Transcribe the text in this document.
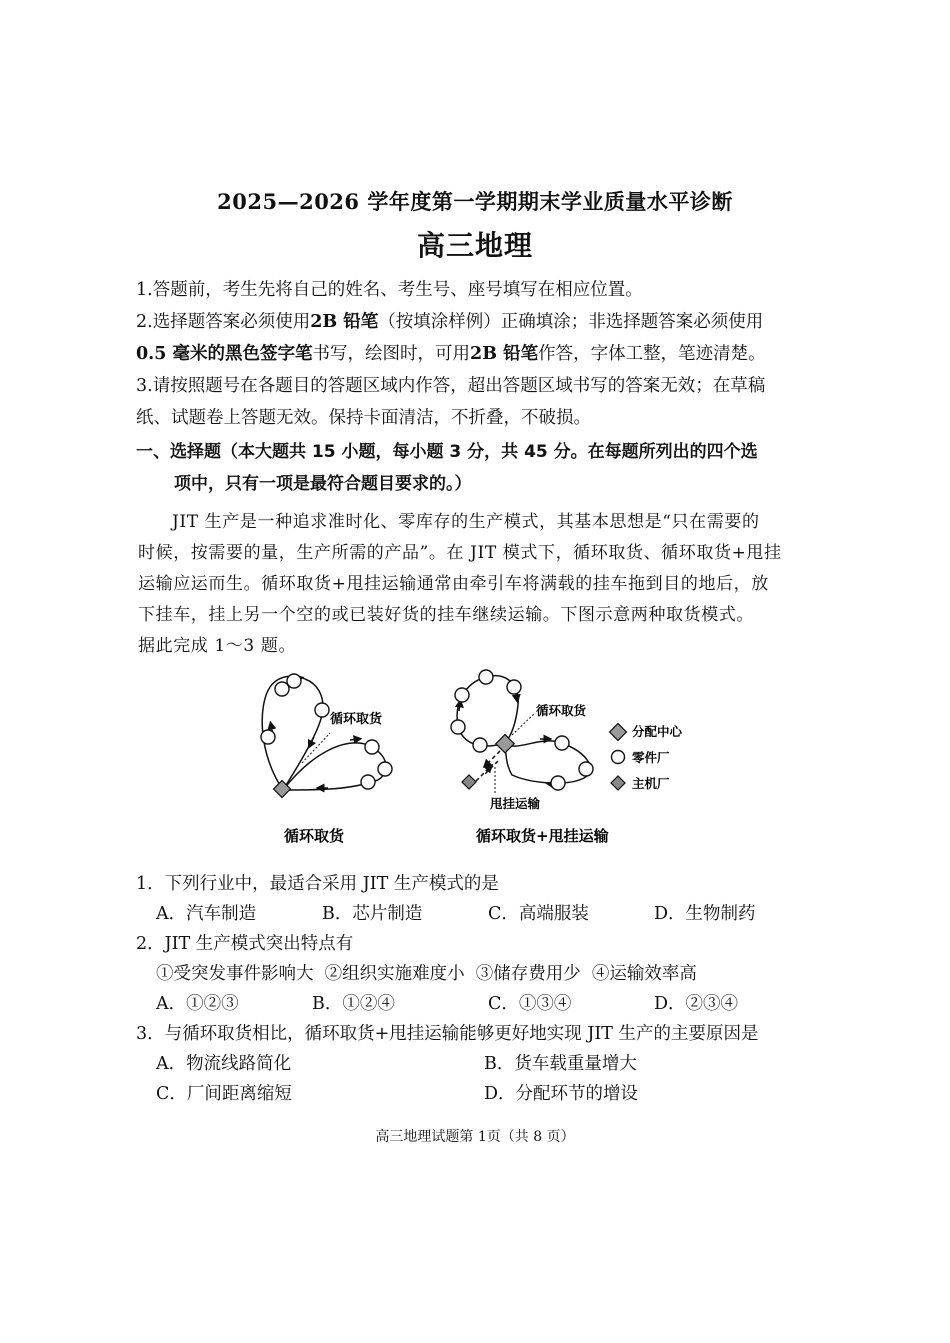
2025—2026 学年度第一学期期末学业质量水平诊断
高三地理
1.答题前，考生先将自己的姓名、考生号、座号填写在相应位置。
2.选择题答案必须使用2B 铅笔（按填涂样例）正确填涂；非选择题答案必须使用
0.5 毫米的黑色签字笔书写，绘图时，可用2B 铅笔作答，字体工整，笔迹清楚。
3.请按照题号在各题目的答题区域内作答，超出答题区域书写的答案无效；在草稿
纸、试题卷上答题无效。保持卡面清洁，不折叠，不破损。
一、选择题（本大题共 15 小题，每小题 3 分，共 45 分。在每题所列出的四个选
项中，只有一项是最符合题目要求的。）
JIT 生产是一种追求准时化、零库存的生产模式，其基本思想是“只在需要的
时候，按需要的量，生产所需的产品”。在 JIT 模式下，循环取货、循环取货+甩挂
运输应运而生。循环取货+甩挂运输通常由牵引车将满载的挂车拖到目的地后，放
下挂车，挂上另一个空的或已装好货的挂车继续运输。下图示意两种取货模式。
据此完成 1～3 题。
循环取货
循环取货
甩挂运输
分配中心
零件厂
主机厂
循环取货	循环取货+甩挂运输
1．下列行业中，最适合采用 JIT 生产模式的是
A．汽车制造	B．芯片制造	C．高端服装	D．生物制药
2．JIT 生产模式突出特点有
①受突发事件影响大  ②组织实施难度小  ③储存费用少  ④运输效率高
A．①②③	B．①②④	C．①③④	D．②③④
3．与循环取货相比，循环取货+甩挂运输能够更好地实现 JIT 生产的主要原因是
A．物流线路简化	B．货车载重量增大
C．厂间距离缩短	D．分配环节的增设
高三地理试题第 1页（共 8 页）
